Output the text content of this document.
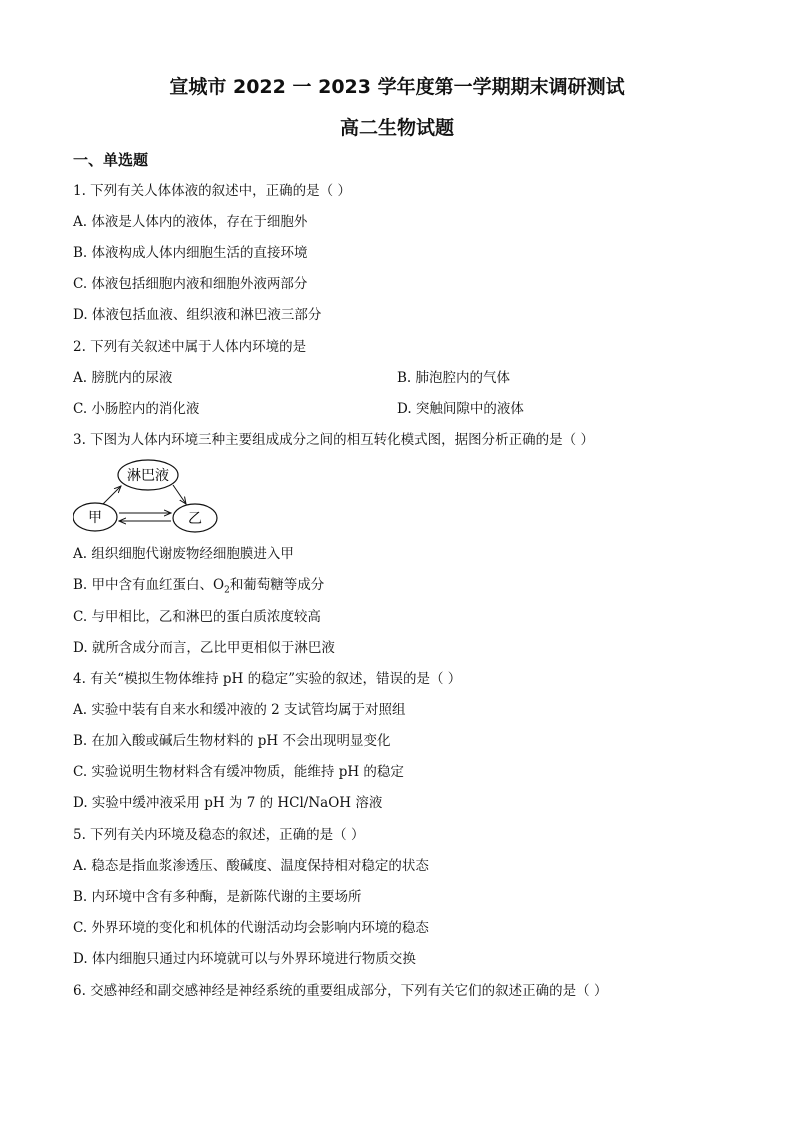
宣城市 2022 一 2023 学年度第一学期期末调研测试
高二生物试题
一、单选题
1. 下列有关人体体液的叙述中，正确的是（ ）
A. 体液是人体内的液体，存在于细胞外
B. 体液构成人体内细胞生活的直接环境
C. 体液包括细胞内液和细胞外液两部分
D. 体液包括血液、组织液和淋巴液三部分
2. 下列有关叙述中属于人体内环境的是
A. 膀胱内的尿液	B. 肺泡腔内的气体
C. 小肠腔内的消化液	D. 突触间隙中的液体
3. 下图为人体内环境三种主要组成成分之间的相互转化模式图，据图分析正确的是（ ）
淋巴液
甲	乙
A. 组织细胞代谢废物经细胞膜进入甲
B. 甲中含有血红蛋白、$O_2$和葡萄糖等成分
C. 与甲相比，乙和淋巴的蛋白质浓度较高
D. 就所含成分而言，乙比甲更相似于淋巴液
4. 有关“模拟生物体维持 pH 的稳定”实验的叙述，错误的是（ ）
A. 实验中装有自来水和缓冲液的 2 支试管均属于对照组
B. 在加入酸或碱后生物材料的 pH 不会出现明显变化
C. 实验说明生物材料含有缓冲物质，能维持 pH 的稳定
D. 实验中缓冲液采用 pH 为 7 的 HCl/NaOH 溶液
5. 下列有关内环境及稳态的叙述，正确的是（ ）
A. 稳态是指血浆渗透压、酸碱度、温度保持相对稳定的状态
B. 内环境中含有多种酶，是新陈代谢的主要场所
C. 外界环境的变化和机体的代谢活动均会影响内环境的稳态
D. 体内细胞只通过内环境就可以与外界环境进行物质交换
6. 交感神经和副交感神经是神经系统的重要组成部分，下列有关它们的叙述正确的是（ ）
